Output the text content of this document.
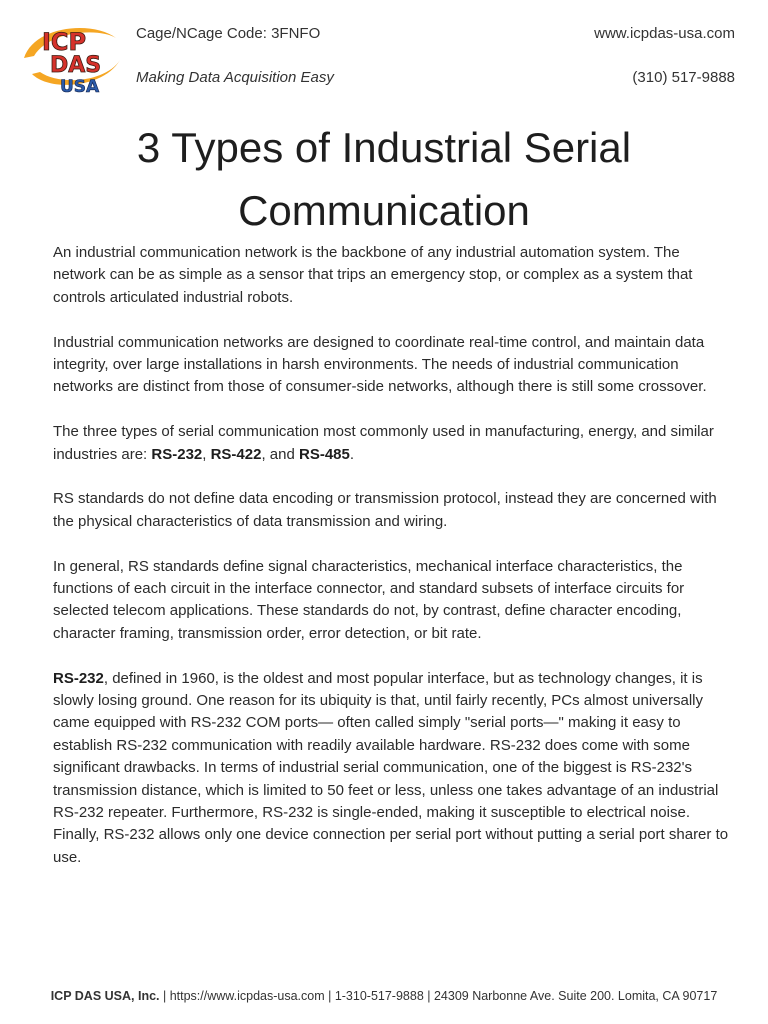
ICP
DAS
USA
Cage/NCage Code: 3FNFO
Making Data Acquisition Easy
www.icpdas-usa.com
(310) 517-9888
3 Types of Industrial Serial Communication

An industrial communication network is the backbone of any industrial automation system. The network can be as simple as a sensor that trips an emergency stop, or complex as a system that controls articulated industrial robots.

Industrial communication networks are designed to coordinate real-time control, and maintain data integrity, over large installations in harsh environments. The needs of industrial communication networks are distinct from those of consumer-side networks, although there is still some crossover.

The three types of serial communication most commonly used in manufacturing, energy, and similar industries are: RS-232, RS-422, and RS-485.

RS standards do not define data encoding or transmission protocol, instead they are concerned with the physical characteristics of data transmission and wiring.

In general, RS standards define signal characteristics, mechanical interface characteristics, the functions of each circuit in the interface connector, and standard subsets of interface circuits for selected telecom applications. These standards do not, by contrast, define character encoding, character framing, transmission order, error detection, or bit rate.

RS-232, defined in 1960, is the oldest and most popular interface, but as technology changes, it is slowly losing ground. One reason for its ubiquity is that, until fairly recently, PCs almost universally came equipped with RS-232 COM ports— often called simply "serial ports—" making it easy to establish RS-232 communication with readily available hardware. RS-232 does come with some significant drawbacks. In terms of industrial serial communication, one of the biggest is RS-232's transmission distance, which is limited to 50 feet or less, unless one takes advantage of an industrial RS-232 repeater. Furthermore, RS-232 is single-ended, making it susceptible to electrical noise. Finally, RS-232 allows only one device connection per serial port without putting a serial port sharer to use.

ICP DAS USA, Inc. | https://www.icpdas-usa.com | 1-310-517-9888 | 24309 Narbonne Ave. Suite 200. Lomita, CA 90717
